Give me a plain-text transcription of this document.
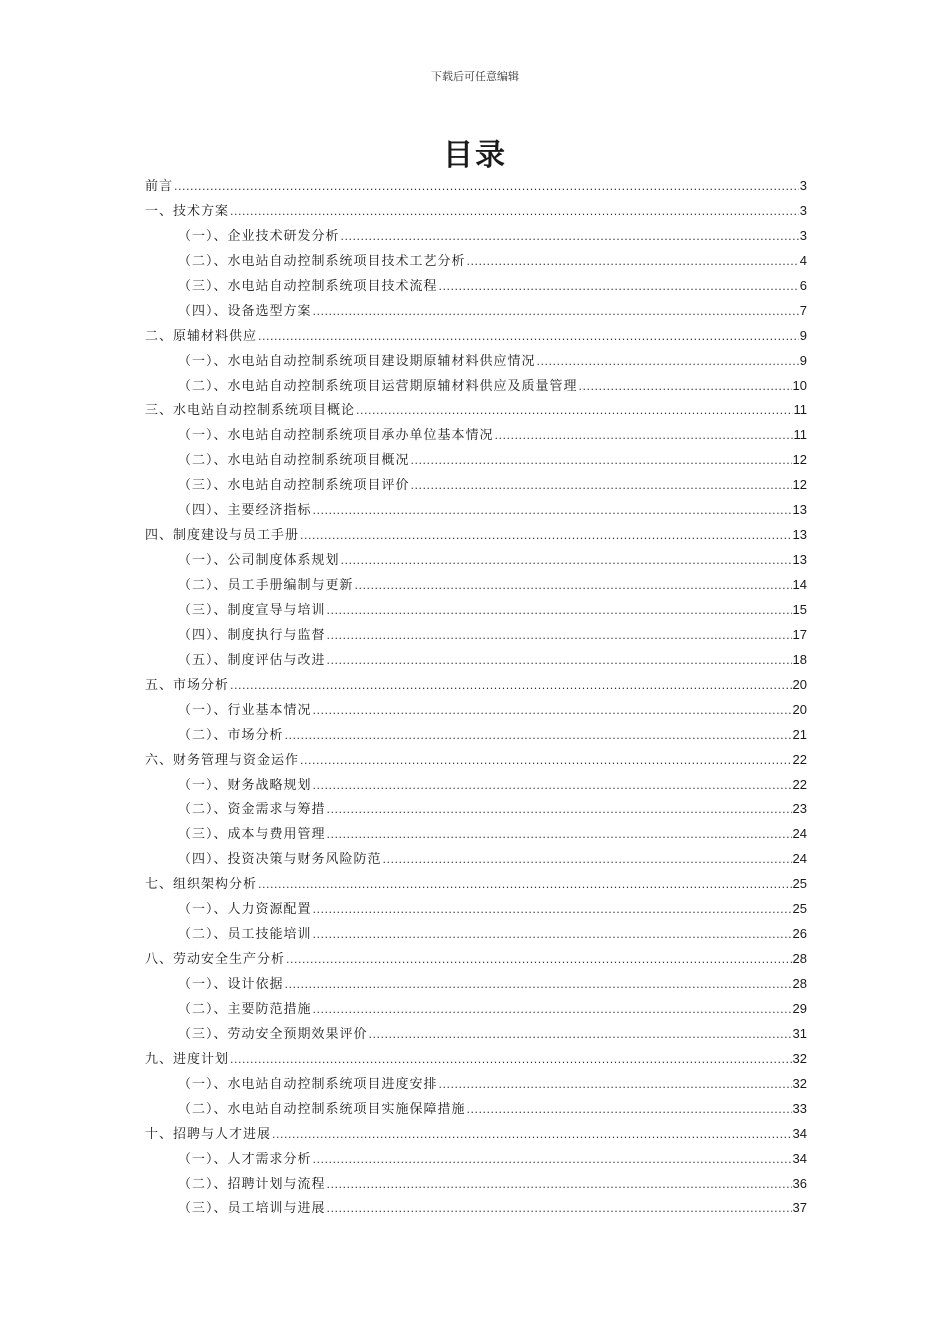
下载后可任意编辑
目录
前言 .....	3
一、技术方案 .....	3
（一）、企业技术研发分析 .....	3
（二）、水电站自动控制系统项目技术工艺分析 .....	4
（三）、水电站自动控制系统项目技术流程 .....	6
（四）、设备选型方案 .....	7
二、原辅材料供应 .....	9
（一）、水电站自动控制系统项目建设期原辅材料供应情况 .....	9
（二）、水电站自动控制系统项目运营期原辅材料供应及质量管理 .....	10
三、水电站自动控制系统项目概论 .....	11
（一）、水电站自动控制系统项目承办单位基本情况 .....	11
（二）、水电站自动控制系统项目概况 .....	12
（三）、水电站自动控制系统项目评价 .....	12
（四）、主要经济指标 .....	13
四、制度建设与员工手册 .....	13
（一）、公司制度体系规划 .....	13
（二）、员工手册编制与更新 .....	14
（三）、制度宣导与培训 .....	15
（四）、制度执行与监督 .....	17
（五）、制度评估与改进 .....	18
五、市场分析 .....	20
（一）、行业基本情况 .....	20
（二）、市场分析 .....	21
六、财务管理与资金运作 .....	22
（一）、财务战略规划 .....	22
（二）、资金需求与筹措 .....	23
（三）、成本与费用管理 .....	24
（四）、投资决策与财务风险防范 .....	24
七、组织架构分析 .....	25
（一）、人力资源配置 .....	25
（二）、员工技能培训 .....	26
八、劳动安全生产分析 .....	28
（一）、设计依据 .....	28
（二）、主要防范措施 .....	29
（三）、劳动安全预期效果评价 .....	31
九、进度计划 .....	32
（一）、水电站自动控制系统项目进度安排 .....	32
（二）、水电站自动控制系统项目实施保障措施 .....	33
十、招聘与人才进展 .....	34
（一）、人才需求分析 .....	34
（二）、招聘计划与流程 .....	36
（三）、员工培训与进展 .....	37
